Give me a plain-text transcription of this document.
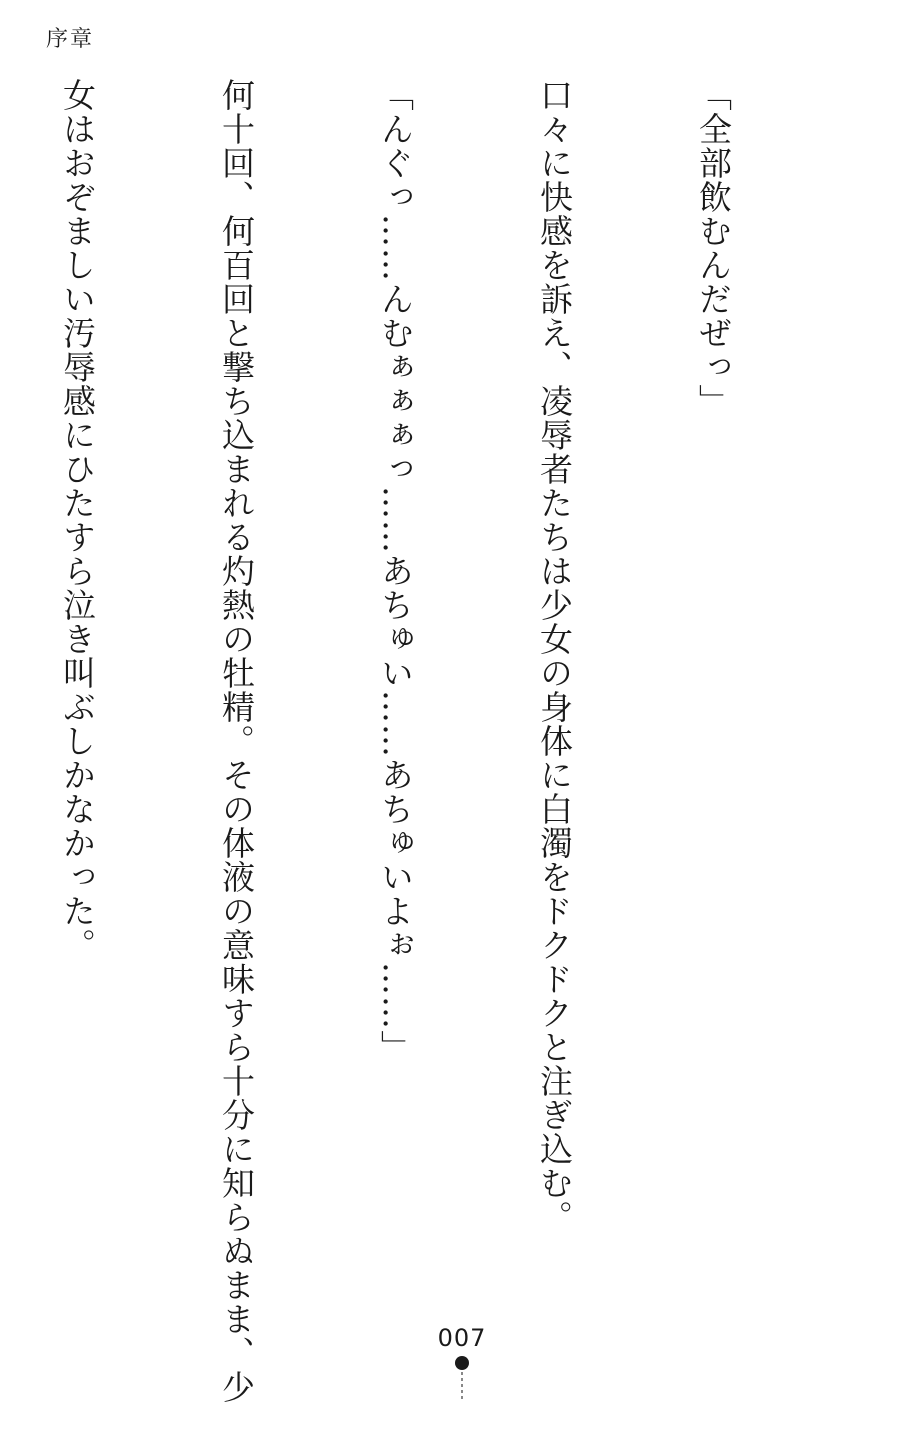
序章

「全部飲むんだぜっ」

口々に快感を訴え、凌辱者たちは少女の身体に白濁をドクドクと注ぎ込む。

「んぐっ……んむぁぁぁっ……あちゅい……あちゅいよぉ……」

何十回、何百回と撃ち込まれる灼熱の牡精。その体液の意味すら十分に知らぬまま、少

女はおぞましい汚辱感にひたすら泣き叫ぶしかなかった。

007
